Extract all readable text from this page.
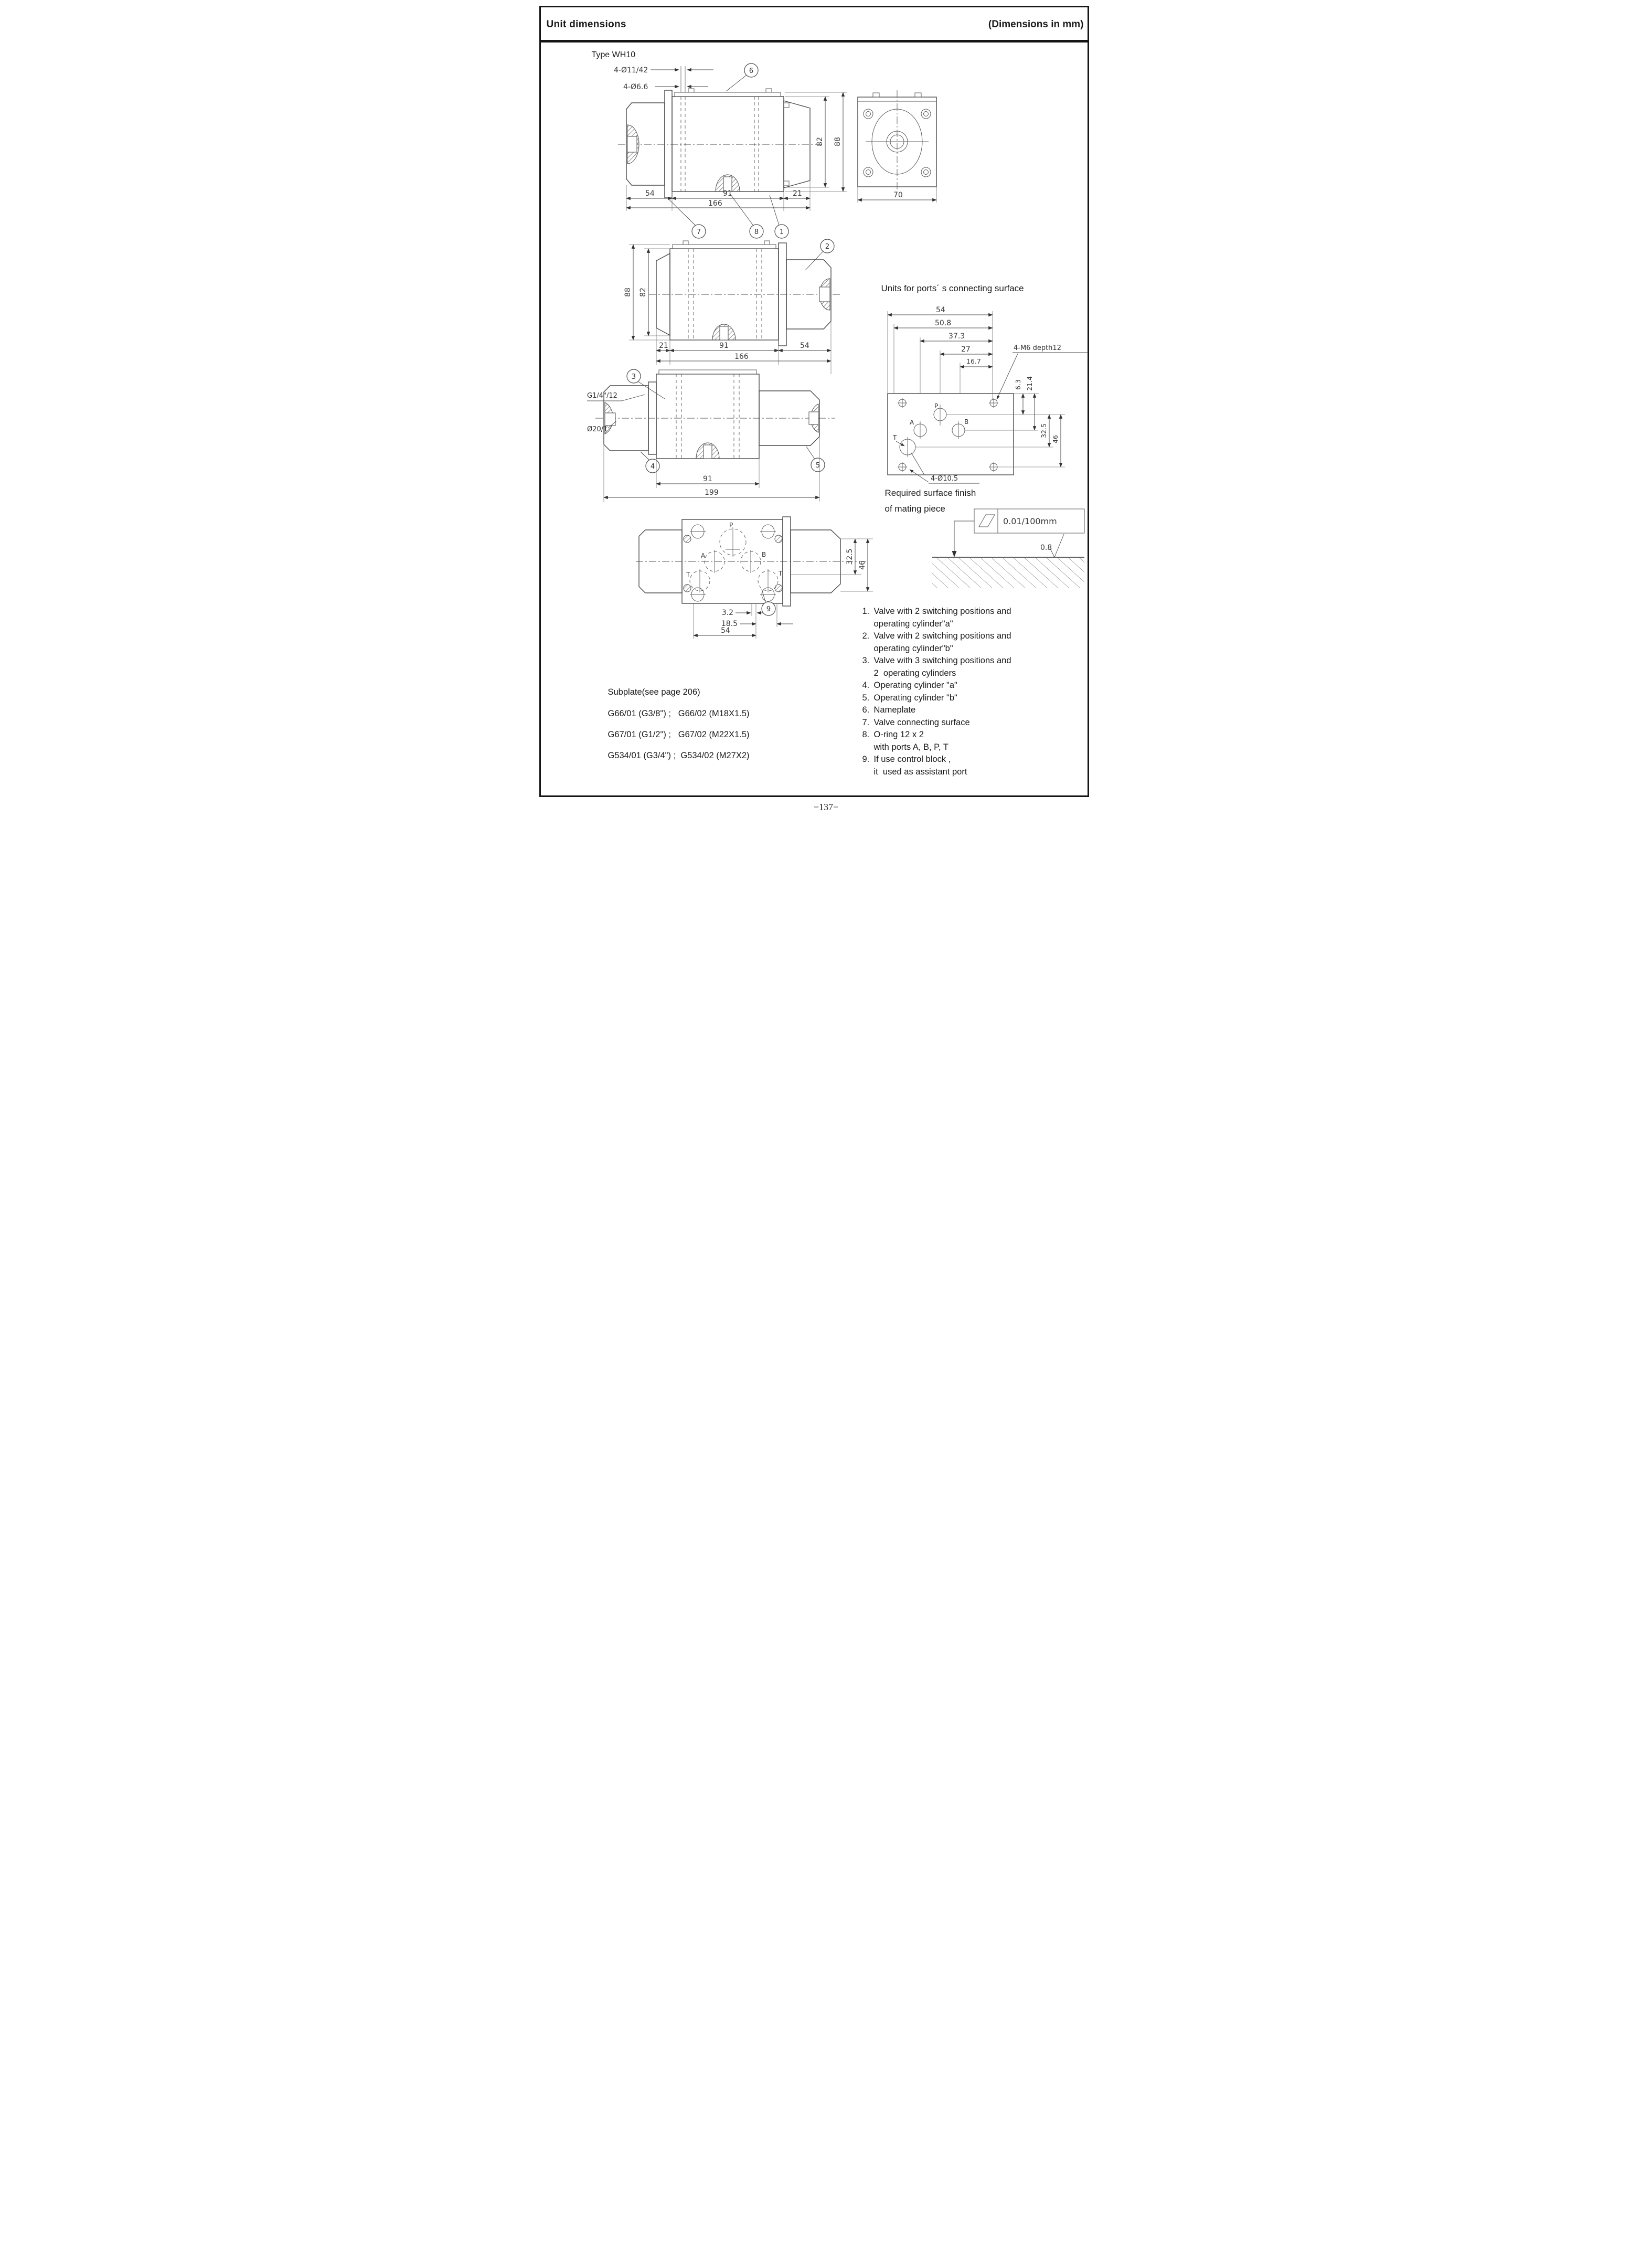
Unit dimensions	(Dimensions in mm)
Type WH10
4-Ø11/42
4-Ø6.6
6
82 88
54	91	21
166
7	8	1
70
88 82
21	91	54
166
2
G1/4"/12
Ø20/1
3
4	5
91
199
P
A	B
T	T
3.2
18.5
54
9
32.5
46
Units for ports´ s connecting surface
P
A	B
T
54
50.8
37.3
27
16.7
4-M6 depth12
6.3 21.4
32.5
46
4-Ø10.5
Required surface finish
of mating piece
0.01/100mm
0.8
1. Valve with 2 switching positions and
operating cylinder"a"
2. Valve with 2 switching positions and
operating cylinder"b"
3. Valve with 3 switching positions and
2  operating cylinders
4. Operating cylinder "a"
5. Operating cylinder "b"
6. Nameplate
7. Valve connecting surface
8. O-ring 12 x 2
with ports A, B, P, T
9. If use control block ,
it  used as assistant port
Subplate(see page 206)
G66/01 (G3/8") ;   G66/02 (M18X1.5)
G67/01 (G1/2") ;   G67/02 (M22X1.5)
G534/01 (G3/4") ;  G534/02 (M27X2)
−137−
